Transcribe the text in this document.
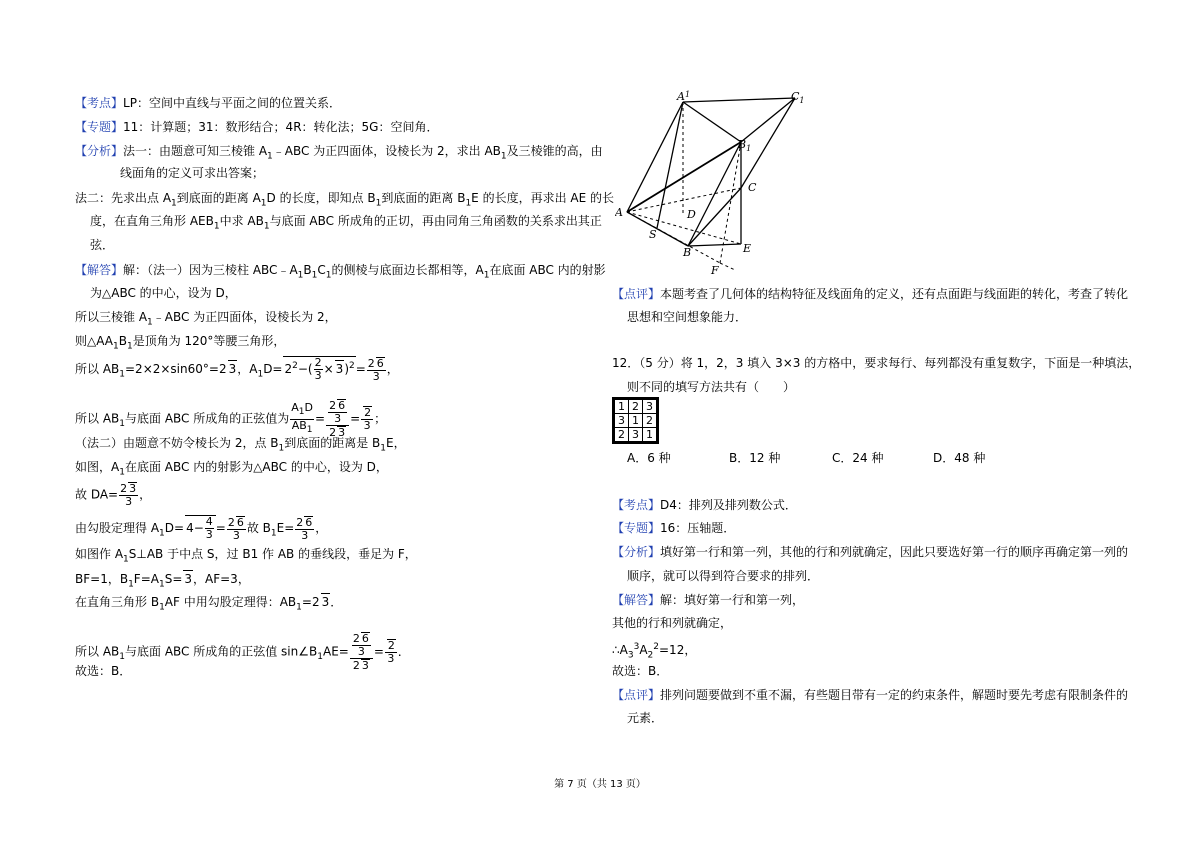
【考点】LP：空间中直线与平面之间的位置关系．
【专题】11：计算题；31：数形结合；4R：转化法；5G：空间角．
【分析】法一：由题意可知三棱锥 $A_1﹣ABC$ 为正四面体，设棱长为 2，求出 $AB_1$及三棱锥的高，由
线面角的定义可求出答案；
法二：先求出点 $A_1$到底面的距离 $A_1D$ 的长度，即知点 $B_1$到底面的距离 $B_1E$ 的长度，再求出 AE 的长
度，在直角三角形 $AEB_1$中求 $AB_1$与底面 ABC 所成角的正切，再由同角三角函数的关系求出其正
弦．
【解答】解：（法一）因为三棱柱 $ABC﹣A_1B_1C_1$的侧棱与底面边长都相等，$A_1$在底面 ABC 内的射影
为△ABC 的中心，设为 D，
所以三棱锥 $A_1﹣ABC$ 为正四面体，设棱长为 2，
则$\triangle AA_1B_1$是顶角为 120°等腰三角形，
所以 $AB_1=2\times 2\times\sin 60^\circ=2$ 3，$A_1D= 2^2-( \frac{2}{3} \times 3)^2= \frac{2 6}{3}$ ，
所以 $AB_1$与底面 ABC 所成角的正弦值为 $\frac{A_1D}{AB_1} = \frac{\frac{2 6}{3}}{2 3} = \frac{2}{3}$ ；
（法二）由题意不妨令棱长为 2，点 $B_1$到底面的距离是 $B_1E$，
如图，$A_1$在底面 ABC 内的射影为△ABC 的中心，设为 D，
故 $DA= \frac{2 3}{3}$ ，
由勾股定理得 $A_1D= 4- \frac{4}{3} = \frac{2 6}{3}$ 故 $B_1E= \frac{2 6}{3}$ ，
如图作 $A_1S\perp AB$ 于中点 S，过 B1 作 AB 的垂线段，垂足为 F，
BF=1，$B_1F=A_1S= 3$，AF=3，
在直角三角形 $B_1AF$ 中用勾股定理得：$AB_1=2$ 3．
所以 $AB_1$与底面 ABC 所成角的正弦值 $\sin\angle B_1AE= \frac{\frac{2 6}{3}}{2 3} = \frac{2}{3}$ ．
故选：B．
$A^1$	$C_1$
$B_1$
C
D
A
S
B	E
F
【点评】本题考查了几何体的结构特征及线面角的定义，还有点面距与线面距的转化，考查了转化
思想和空间想象能力．
12．（5 分）将 1，2，3 填入 3×3 的方格中，要求每行、每列都没有重复数字，下面是一种填法，
则不同的填写方法共有（　　）
1	2	3
3	1	2
2	3	1
A．6 种	B．12 种	C．24 种	D．48 种
【考点】D4：排列及排列数公式．
【专题】16：压轴题．
【分析】填好第一行和第一列，其他的行和列就确定，因此只要选好第一行的顺序再确定第一列的
顺序，就可以得到符合要求的排列．
【解答】解：填好第一行和第一列，
其他的行和列就确定，
$\therefore A_3^3A_2^2=12$，
故选：B．
【点评】排列问题要做到不重不漏，有些题目带有一定的约束条件，解题时要先考虑有限制条件的
元素．
第 7 页（共 13 页）
